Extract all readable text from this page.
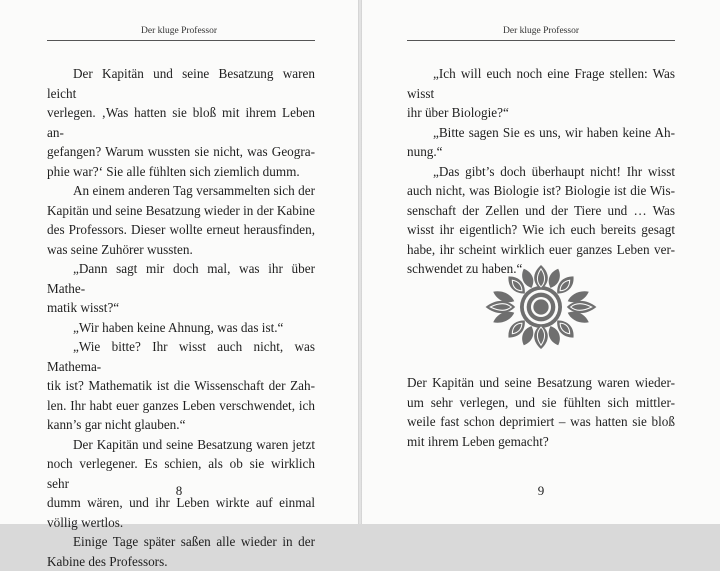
Der kluge Professor

Der Kapitän und seine Besatzung waren leicht
verlegen. ‚Was hatten sie bloß mit ihrem Leben an-
gefangen? Warum wussten sie nicht, was Geogra-
phie war?‘ Sie alle fühlten sich ziemlich dumm.

An einem anderen Tag versammelten sich der
Kapitän und seine Besatzung wieder in der Kabine
des Professors. Dieser wollte erneut herausfinden,
was seine Zuhörer wussten.

„Dann sagt mir doch mal, was ihr über Mathe-
matik wisst?“

„Wir haben keine Ahnung, was das ist.“

„Wie bitte? Ihr wisst auch nicht, was Mathema-
tik ist? Mathematik ist die Wissenschaft der Zah-
len. Ihr habt euer ganzes Leben verschwendet, ich
kann’s gar nicht glauben.“

Der Kapitän und seine Besatzung waren jetzt
noch verlegener. Es schien, als ob sie wirklich sehr
dumm wären, und ihr Leben wirkte auf einmal
völlig wertlos.

Einige Tage später saßen alle wieder in der
Kabine des Professors.

8
Der kluge Professor

„Ich will euch noch eine Frage stellen: Was wisst
ihr über Biologie?“

„Bitte sagen Sie es uns, wir haben keine Ah-
nung.“

„Das gibt’s doch überhaupt nicht! Ihr wisst
auch nicht, was Biologie ist? Biologie ist die Wis-
senschaft der Zellen und der Tiere und … Was
wisst ihr eigentlich? Wie ich euch bereits gesagt
habe, ihr scheint wirklich euer ganzes Leben ver-
schwendet zu haben.“

Der Kapitän und seine Besatzung waren wieder-
um sehr verlegen, und sie fühlten sich mittler-
weile fast schon deprimiert – was hatten sie bloß
mit ihrem Leben gemacht?
9
